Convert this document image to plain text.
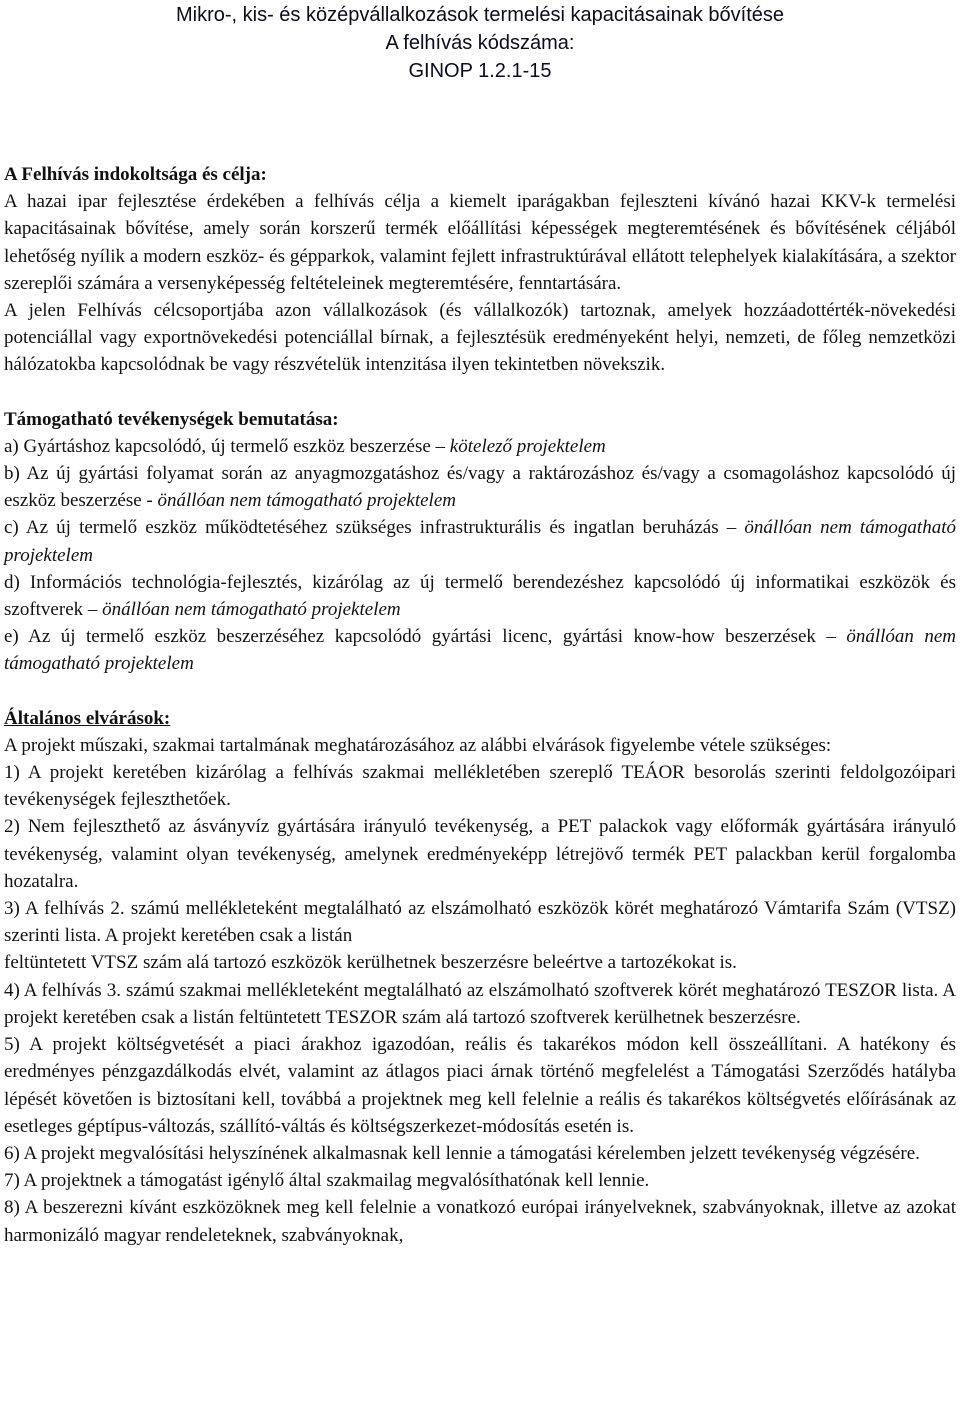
Mikro-, kis- és középvállalkozások termelési kapacitásainak bővítése
A felhívás kódszáma:
GINOP 1.2.1-15

A Felhívás indokoltsága és célja:

A hazai ipar fejlesztése érdekében a felhívás célja a kiemelt iparágakban fejleszteni kívánó hazai KKV-k termelési kapacitásainak bővítése, amely során korszerű termék előállítási képességek megteremtésének és bővítésének céljából lehetőség nyílik a modern eszköz- és gépparkok, valamint fejlett infrastruktúrával ellátott telephelyek kialakítására, a szektor szereplői számára a versenyképesség feltételeinek megteremtésére, fenntartására.

A jelen Felhívás célcsoportjába azon vállalkozások (és vállalkozók) tartoznak, amelyek hozzáadottérték-növekedési potenciállal vagy exportnövekedési potenciállal bírnak, a fejlesztésük eredményeként helyi, nemzeti, de főleg nemzetközi hálózatokba kapcsolódnak be vagy részvételük intenzitása ilyen tekintetben növekszik.

Támogatható tevékenységek bemutatása:

a) Gyártáshoz kapcsolódó, új termelő eszköz beszerzése – kötelező projektelem

b) Az új gyártási folyamat során az anyagmozgatáshoz és/vagy a raktározáshoz és/vagy a csomagoláshoz kapcsolódó új eszköz beszerzése - önállóan nem támogatható projektelem

c) Az új termelő eszköz működtetéséhez szükséges infrastrukturális és ingatlan beruházás – önállóan nem támogatható projektelem

d) Információs technológia-fejlesztés, kizárólag az új termelő berendezéshez kapcsolódó új informatikai eszközök és szoftverek – önállóan nem támogatható projektelem

e) Az új termelő eszköz beszerzéséhez kapcsolódó gyártási licenc, gyártási know-how beszerzések – önállóan nem támogatható projektelem

Általános elvárások:

A projekt műszaki, szakmai tartalmának meghatározásához az alábbi elvárások figyelembe vétele szükséges:

1) A projekt keretében kizárólag a felhívás szakmai mellékletében szereplő TEÁOR besorolás szerinti feldolgozóipari tevékenységek fejleszthetőek.

2) Nem fejleszthető az ásványvíz gyártására irányuló tevékenység, a PET palackok vagy előformák gyártására irányuló tevékenység, valamint olyan tevékenység, amelynek eredményeképp létrejövő termék PET palackban kerül forgalomba hozatalra.

3) A felhívás 2. számú mellékleteként megtalálható az elszámolható eszközök körét meghatározó Vámtarifa Szám (VTSZ) szerinti lista. A projekt keretében csak a listán

feltüntetett VTSZ szám alá tartozó eszközök kerülhetnek beszerzésre beleértve a tartozékokat is.

4) A felhívás 3. számú szakmai mellékleteként megtalálható az elszámolható szoftverek körét meghatározó TESZOR lista. A projekt keretében csak a listán feltüntetett TESZOR szám alá tartozó szoftverek kerülhetnek beszerzésre.

5) A projekt költségvetését a piaci árakhoz igazodóan, reális és takarékos módon kell összeállítani. A hatékony és eredményes pénzgazdálkodás elvét, valamint az átlagos piaci árnak történő megfelelést a Támogatási Szerződés hatályba lépését követően is biztosítani kell, továbbá a projektnek meg kell felelnie a reális és takarékos költségvetés előírásának az esetleges géptípus-változás, szállító-váltás és költségszerkezet-módosítás esetén is.

6) A projekt megvalósítási helyszínének alkalmasnak kell lennie a támogatási kérelemben jelzett tevékenység végzésére.

7) A projektnek a támogatást igénylő által szakmailag megvalósíthatónak kell lennie.

8) A beszerezni kívánt eszközöknek meg kell felelnie a vonatkozó európai irányelveknek, szabványoknak, illetve az azokat harmonizáló magyar rendeleteknek, szabványoknak,
